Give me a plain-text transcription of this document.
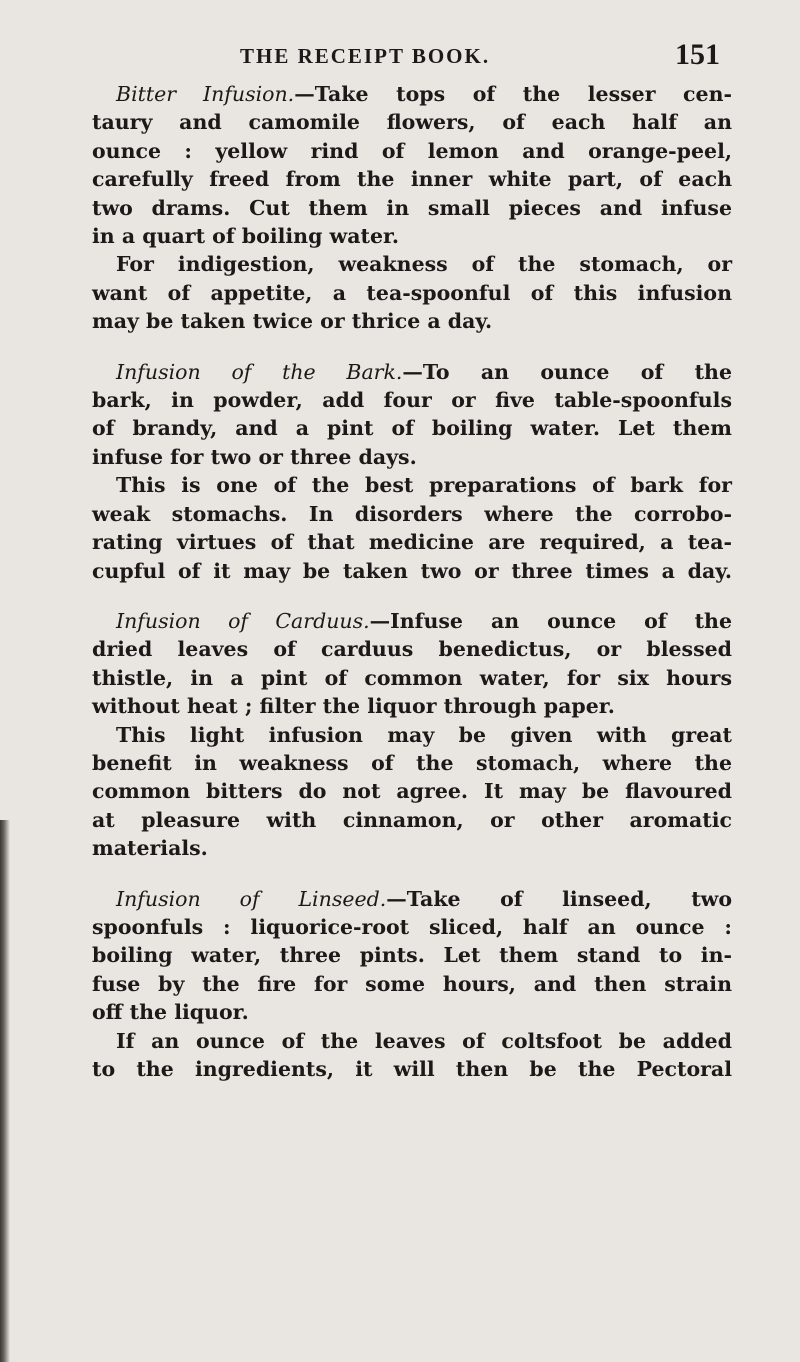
THE RECEIPT BOOK.	151
Bitter Infusion.—Take tops of the lesser cen-
taury and camomile flowers, of each half an
ounce : yellow rind of lemon and orange-peel,
carefully freed from the inner white part, of each
two drams. Cut them in small pieces and infuse
in a quart of boiling water.
For indigestion, weakness of the stomach, or
want of appetite, a tea-spoonful of this infusion
may be taken twice or thrice a day.
Infusion of the Bark.—To an ounce of the
bark, in powder, add four or five table-spoonfuls
of brandy, and a pint of boiling water. Let them
infuse for two or three days.
This is one of the best preparations of bark for
weak stomachs. In disorders where the corrobo-
rating virtues of that medicine are required, a tea-
cupful of it may be taken two or three times a day.
Infusion of Carduus.—Infuse an ounce of the
dried leaves of carduus benedictus, or blessed
thistle, in a pint of common water, for six hours
without heat ; filter the liquor through paper.
This light infusion may be given with great
benefit in weakness of the stomach, where the
common bitters do not agree. It may be flavoured
at pleasure with cinnamon, or other aromatic
materials.
Infusion of Linseed.—Take of linseed, two
spoonfuls : liquorice-root sliced, half an ounce :
boiling water, three pints. Let them stand to in-
fuse by the fire for some hours, and then strain
off the liquor.
If an ounce of the leaves of coltsfoot be added
to the ingredients, it will then be the Pectoral
